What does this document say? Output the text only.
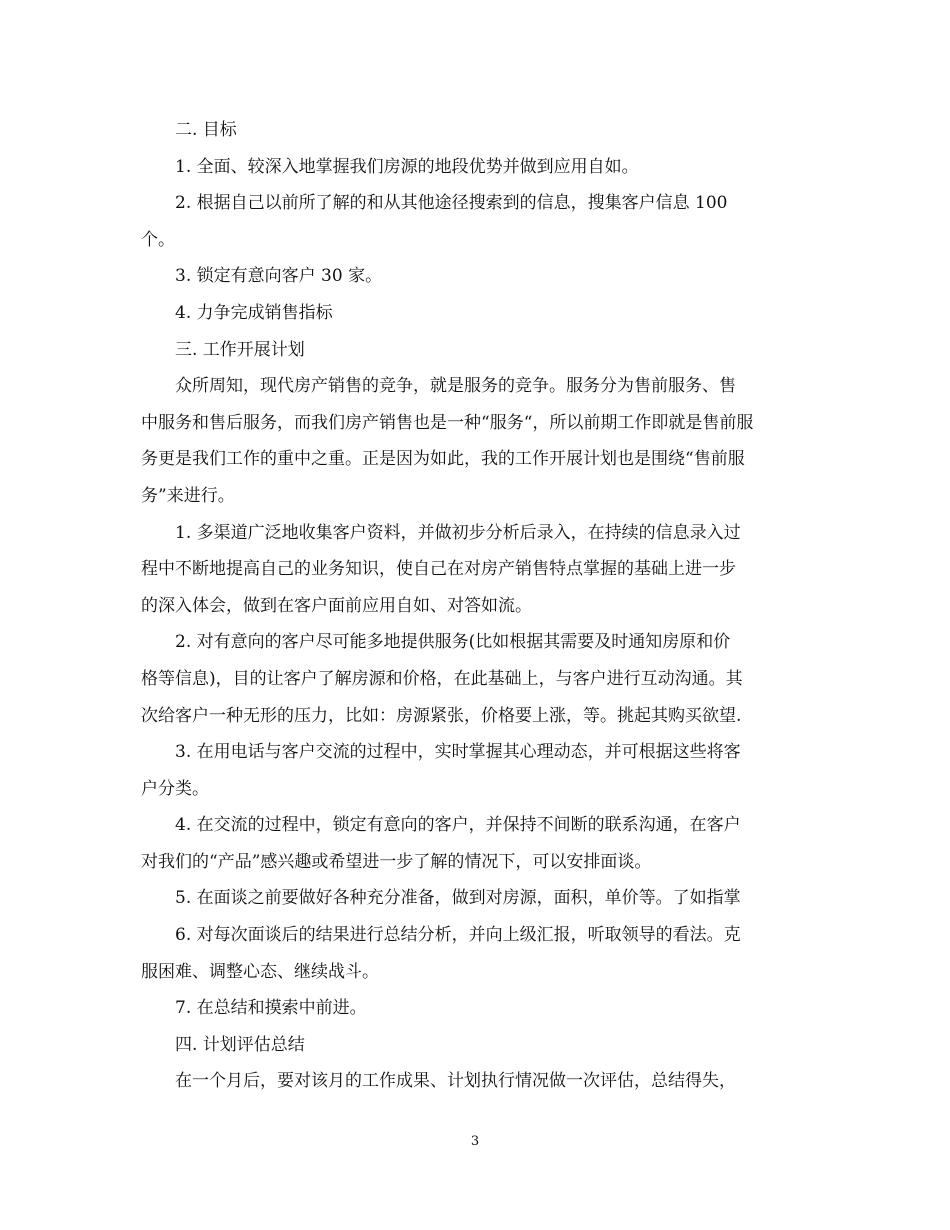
二. 目标

1. 全面、较深入地掌握我们房源的地段优势并做到应用自如。

2. 根据自己以前所了解的和从其他途径搜索到的信息，搜集客户信息 100
个。

3. 锁定有意向客户 30 家。

4. 力争完成销售指标

三. 工作开展计划

众所周知，现代房产销售的竞争，就是服务的竞争。服务分为售前服务、售
中服务和售后服务，而我们房产销售也是一种“服务“，所以前期工作即就是售前服
务更是我们工作的重中之重。正是因为如此，我的工作开展计划也是围绕“售前服
务”来进行。

1. 多渠道广泛地收集客户资料，并做初步分析后录入，在持续的信息录入过
程中不断地提高自己的业务知识，使自己在对房产销售特点掌握的基础上进一步
的深入体会，做到在客户面前应用自如、对答如流。

2. 对有意向的客户尽可能多地提供服务(比如根据其需要及时通知房原和价
格等信息)，目的让客户了解房源和价格，在此基础上，与客户进行互动沟通。其
次给客户一种无形的压力，比如：房源紧张，价格要上涨，等。挑起其购买欲望.

3. 在用电话与客户交流的过程中，实时掌握其心理动态，并可根据这些将客
户分类。

4. 在交流的过程中，锁定有意向的客户，并保持不间断的联系沟通，在客户
对我们的“产品”感兴趣或希望进一步了解的情况下，可以安排面谈。

5. 在面谈之前要做好各种充分准备，做到对房源，面积，单价等。了如指掌

6. 对每次面谈后的结果进行总结分析，并向上级汇报，听取领导的看法。克
服困难、调整心态、继续战斗。

7. 在总结和摸索中前进。

四. 计划评估总结

在一个月后，要对该月的工作成果、计划执行情况做一次评估，总结得失，

3
